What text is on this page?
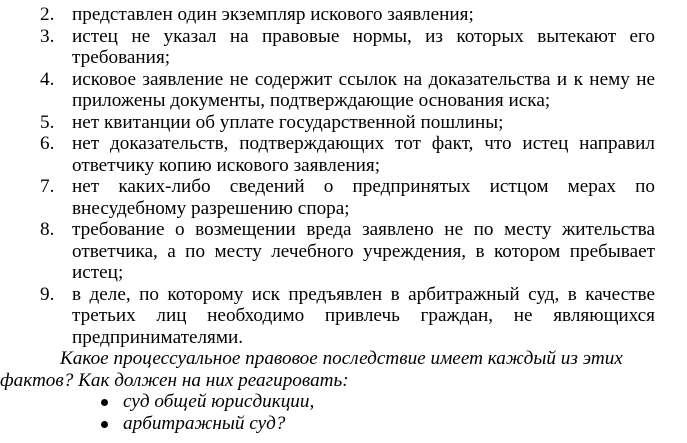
2. представлен один экземпляр искового заявления;
3. истец не указал на правовые нормы, из которых вытекают его требования;
4. исковое заявление не содержит ссылок на доказательства и к нему не приложены документы, подтверждающие основания иска;
5. нет квитанции об уплате государственной пошлины;
6. нет доказательств, подтверждающих тот факт, что истец направил ответчику копию искового заявления;
7. нет каких-либо сведений о предпринятых истцом мерах по внесудебному разрешению спора;
8. требование о возмещении вреда заявлено не по месту жительства ответчика, а по месту лечебного учреждения, в котором пребывает истец;
9. в деле, по которому иск предъявлен в арбитражный суд, в качестве третьих лиц необходимо привлечь граждан, не являющихся предпринимателями.

Какое процессуальное правовое последствие имеет каждый из этих
фактов? Как должен на них реагировать:

суд общей юрисдикции,
арбитражный суд?
